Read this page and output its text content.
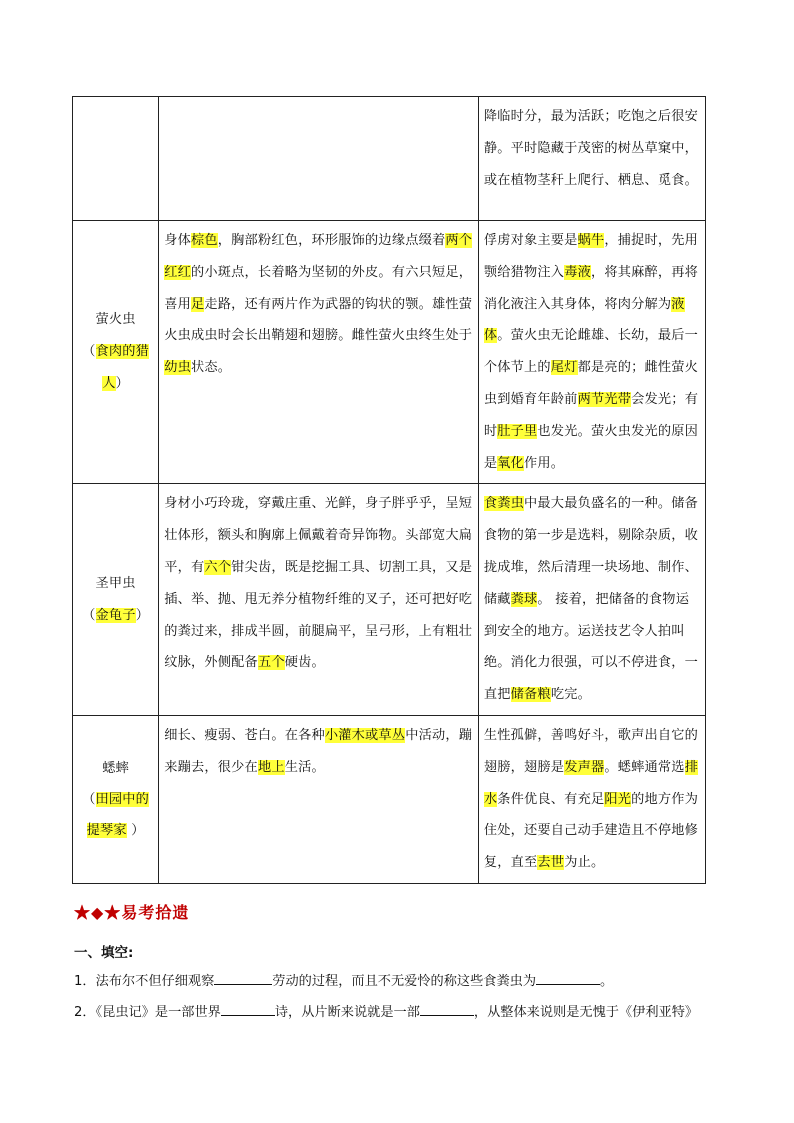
		降临时分，最为活跃；吃饱之后很安静。平时隐藏于茂密的树丛草窠中，或在植物茎秆上爬行、栖息、觅食。

萤火虫
（食肉的猎人）	身体棕色，胸部粉红色，环形服饰的边缘点缀着两个红红的小斑点，长着略为坚韧的外皮。有六只短足，喜用足走路，还有两片作为武器的钩状的颚。雄性萤火虫成虫时会长出鞘翅和翅膀。雌性萤火虫终生处于幼虫状态。	俘虏对象主要是蜗牛，捕捉时，先用颚给猎物注入毒液，将其麻醉，再将消化液注入其身体，将肉分解为液体。萤火虫无论雌雄、长幼，最后一个体节上的尾灯都是亮的；雌性萤火虫到婚育年龄前两节光带会发光；有时肚子里也发光。萤火虫发光的原因是氧化作用。

圣甲虫
（金龟子）	身材小巧玲珑，穿戴庄重、光鲜，身子胖乎乎，呈短壮体形，额头和胸廓上佩戴着奇异饰物。头部宽大扁平，有六个钳尖齿，既是挖掘工具、切割工具，又是插、举、抛、甩无养分植物纤维的叉子，还可把好吃的粪过来，排成半圆，前腿扁平，呈弓形，上有粗壮纹脉，外侧配备五个硬齿。	食粪虫中最大最负盛名的一种。储备食物的第一步是选料，剔除杂质，收拢成堆，然后清理一块场地、制作、储藏粪球。 接着，把储备的食物运到安全的地方。运送技艺令人拍叫绝。消化力很强，可以不停进食，一直把储备粮吃完。

蟋蟀
（田园中的提琴家 ）	细长、瘦弱、苍白。在各种小灌木或草丛中活动，蹦来蹦去，很少在地上生活。	生性孤僻，善鸣好斗，歌声出自它的翅膀，翅膀是发声器。蟋蟀通常选排水条件优良、有充足阳光的地方作为住处，还要自己动手建造且不停地修复，直至去世为止。
★◆★易考拾遗
一、填空:
1．法布尔不但仔细观察	劳动的过程，而且不无爱怜的称这些食粪虫为	。
2．《昆虫记》是一部世界	诗，从片断来说就是一部	，从整体来说则是无愧于《伊利亚特》
